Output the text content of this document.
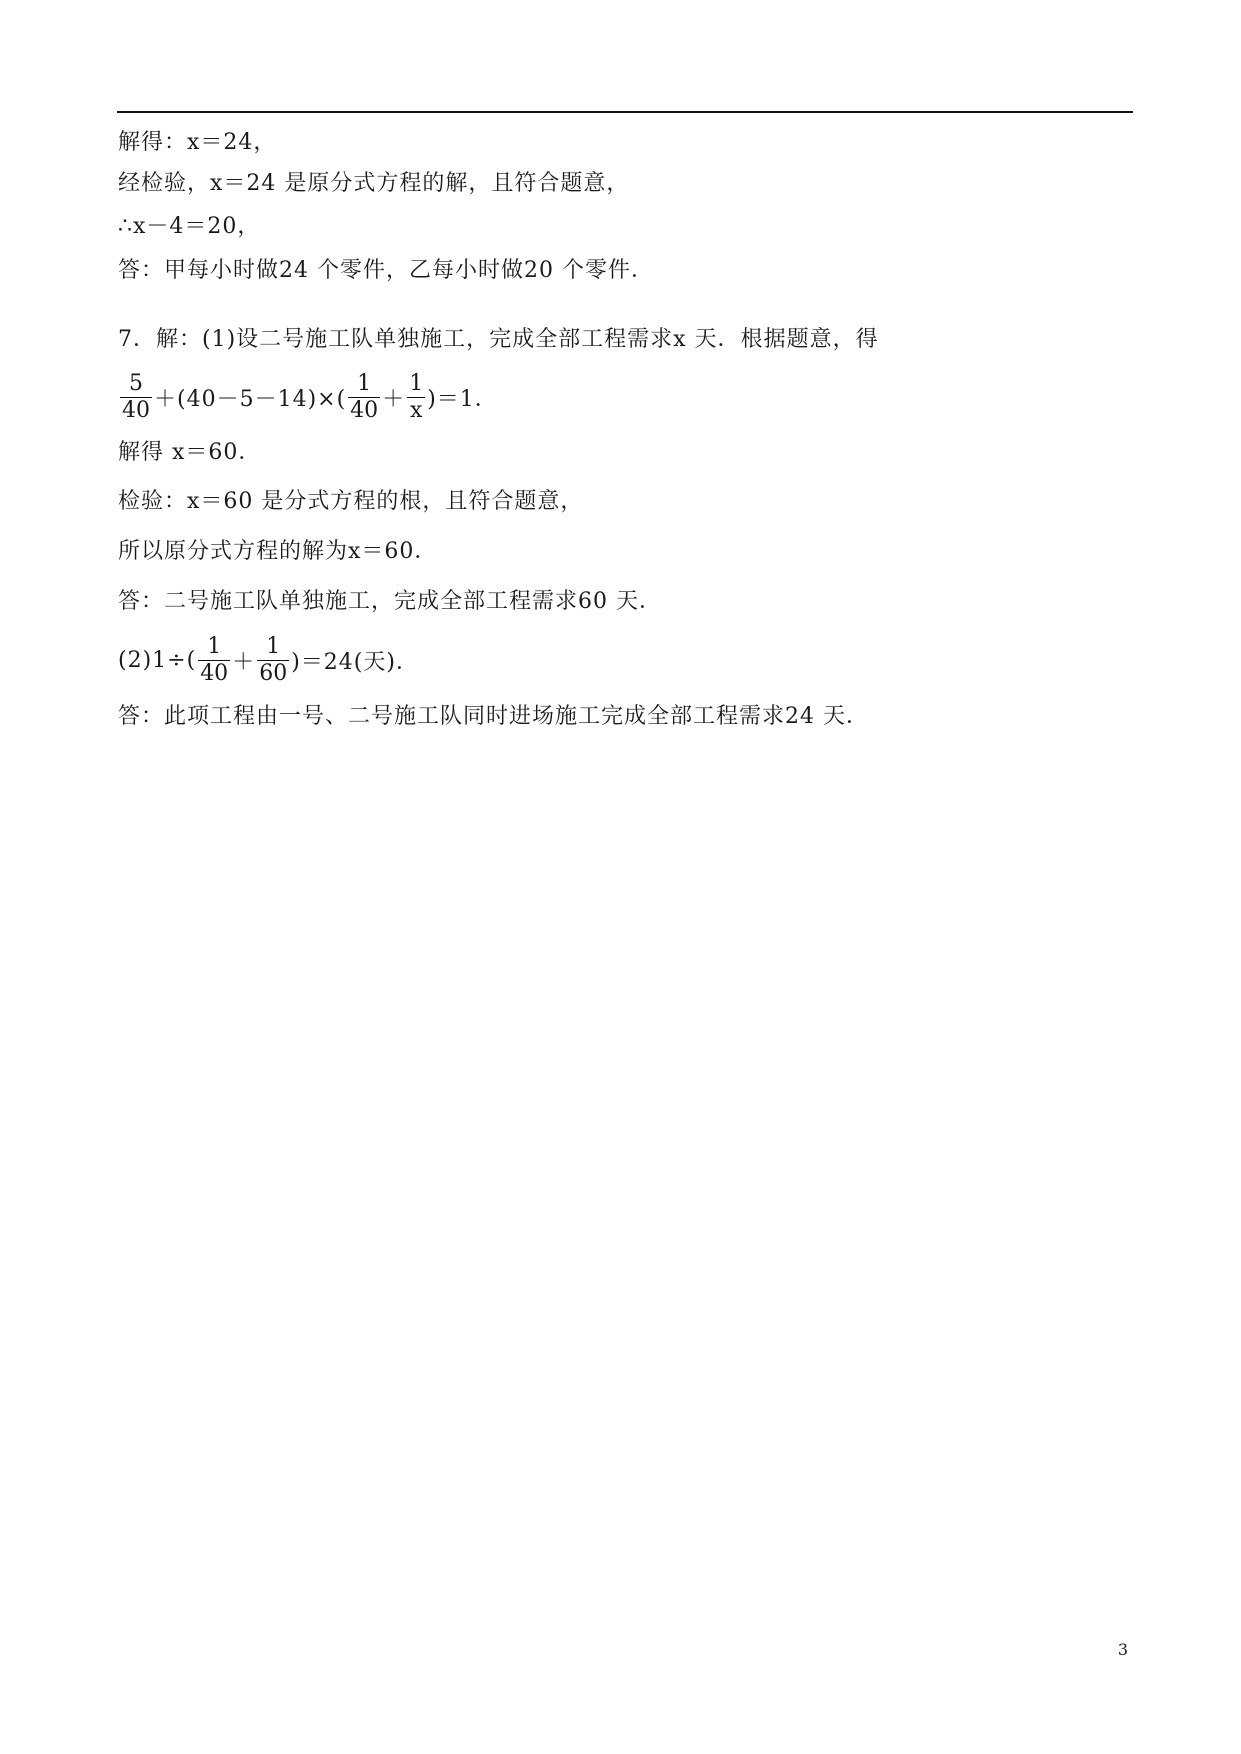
解得：x＝24，
经检验，x＝24 是原分式方程的解，且符合题意，
∴x－4＝20，
答：甲每小时做24 个零件，乙每小时做20 个零件．
7．解：(1)设二号施工队单独施工，完成全部工程需求x 天．根据题意，得
$\frac{5}{40} +(40-5-14)\times( \frac{1}{40} + \frac{1}{x} )=1$．
解得 x＝60．
检验：x＝60 是分式方程的根，且符合题意，
所以原分式方程的解为x＝60．
答：二号施工队单独施工，完成全部工程需求60 天．
$(2)1\div( \frac{1}{40} + \frac{1}{60} )=24$(天)．
答：此项工程由一号、二号施工队同时进场施工完成全部工程需求24 天．
3
